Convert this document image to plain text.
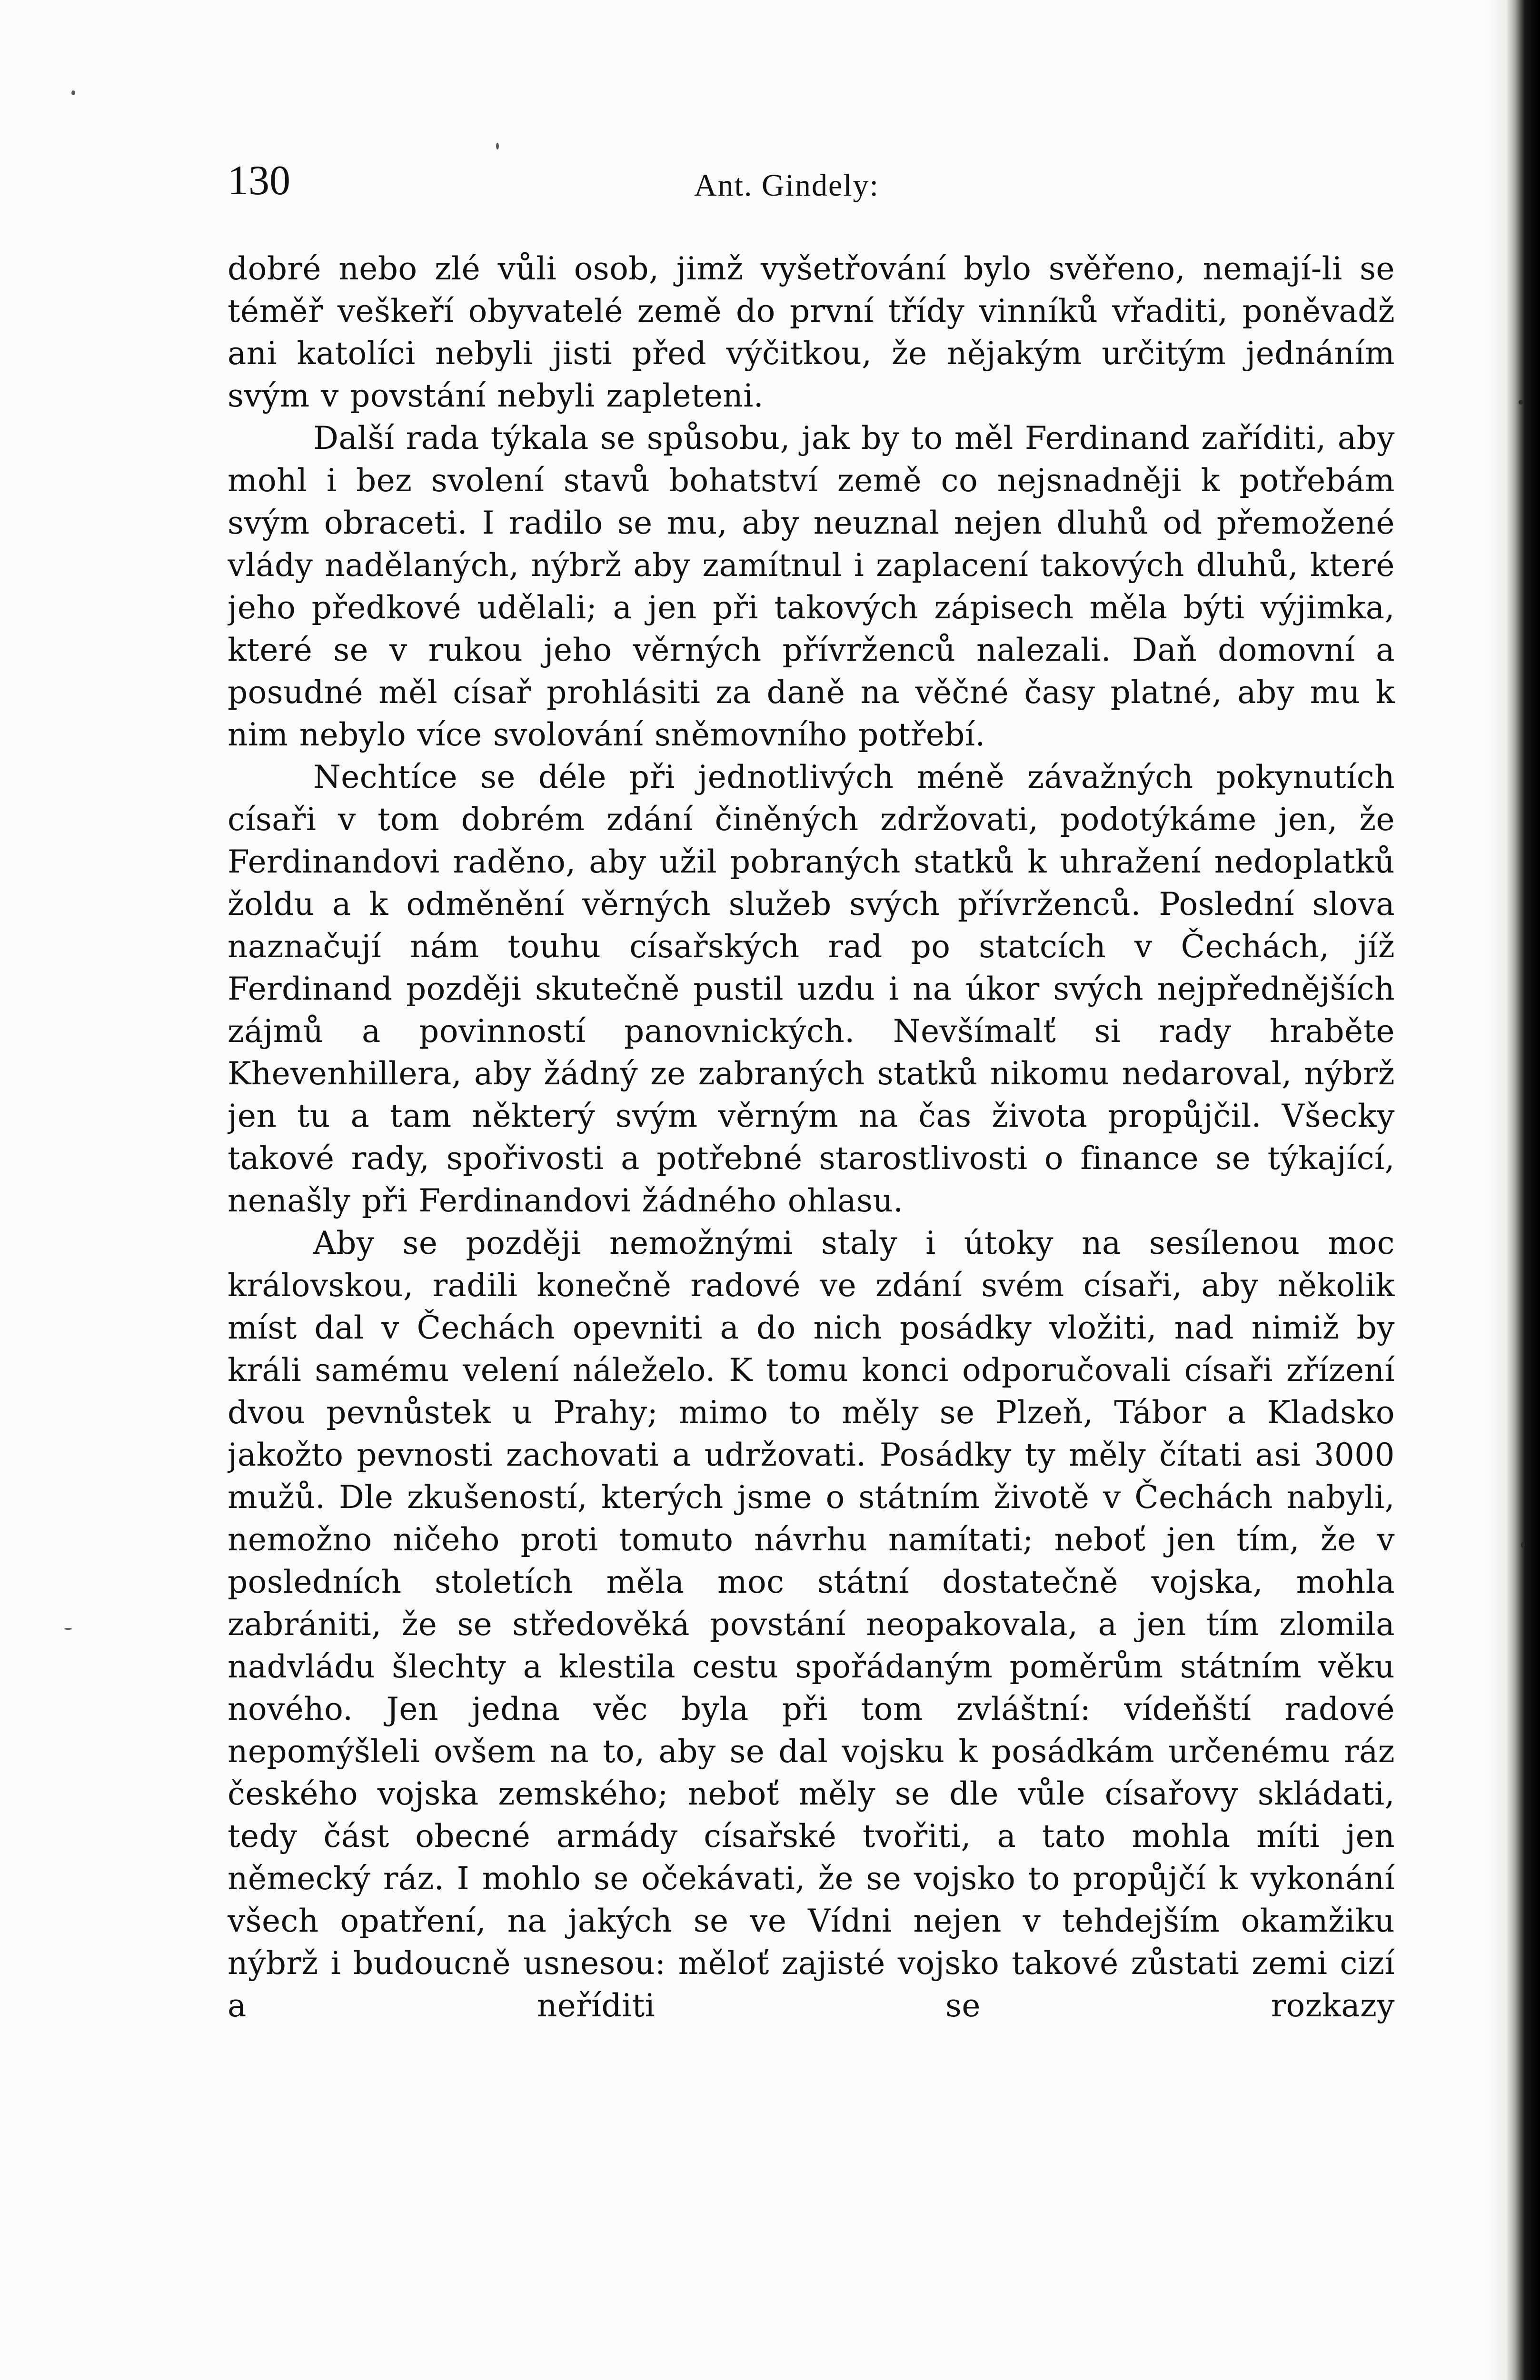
130	Ant. Gindely:

dobré nebo zlé vůli osob, jimž vyšetřování bylo svěřeno, nemají-li se téměř veškeří obyvatelé země do první třídy vinníků vřaditi, poněvadž ani katolíci nebyli jisti před výčitkou, že nějakým určitým jednáním svým v povstání nebyli zapleteni.

Další rada týkala se spůsobu, jak by to měl Ferdinand zaříditi, aby mohl i bez svolení stavů bohatství země co nejsnadněji k potřebám svým obraceti. I radilo se mu, aby neuznal nejen dluhů od přemožené vlády nadělaných, nýbrž aby zamítnul i zaplacení takových dluhů, které jeho předkové udělali; a jen při takových zápisech měla býti výjimka, které se v rukou jeho věrných přívrženců nalezali. Daň domovní a posudné měl císař prohlásiti za daně na věčné časy platné, aby mu k nim nebylo více svolování sněmovního potřebí.

Nechtíce se déle při jednotlivých méně závažných pokynutích císaři v tom dobrém zdání činěných zdržovati, podotýkáme jen, že Ferdinandovi raděno, aby užil pobraných statků k uhražení nedoplatků žoldu a k odměnění věrných služeb svých přívrženců. Poslední slova naznačují nám touhu císařských rad po statcích v Čechách, jíž Ferdinand později skutečně pustil uzdu i na úkor svých nejpřednějších zájmů a povinností panovnických. Nevšímalť si rady hraběte Khevenhillera, aby žádný ze zabraných statků nikomu nedaroval, nýbrž jen tu a tam některý svým věrným na čas života propůjčil. Všecky takové rady, spořivosti a potřebné starostlivosti o finance se týkající, nenašly při Ferdinandovi žádného ohlasu.

Aby se později nemožnými staly i útoky na sesílenou moc královskou, radili konečně radové ve zdání svém císaři, aby několik míst dal v Čechách opevniti a do nich posádky vložiti, nad nimiž by králi samému velení náleželo. K tomu konci odporučovali císaři zřízení dvou pevnůstek u Prahy; mimo to měly se Plzeň, Tábor a Kladsko jakožto pevnosti zachovati a udržovati. Posádky ty měly čítati asi 3000 mužů. Dle zkušeností, kterých jsme o státním životě v Čechách nabyli, nemožno ničeho proti tomuto návrhu namítati; neboť jen tím, že v posledních stoletích měla moc státní dostatečně vojska, mohla zabrániti, že se středověká povstání neopakovala, a jen tím zlomila nadvládu šlechty a klestila cestu spořádaným poměrům státním věku nového. Jen jedna věc byla při tom zvláštní: vídeňští radové nepomýšleli ovšem na to, aby se dal vojsku k posádkám určenému ráz českého vojska zemského; neboť měly se dle vůle císařovy skládati, tedy část obecné armády císařské tvořiti, a tato mohla míti jen německý ráz. I mohlo se očekávati, že se vojsko to propůjčí k vykonání všech opatření, na jakých se ve Vídni nejen v tehdejším okamžiku nýbrž i budoucně usnesou: měloť zajisté vojsko takové zůstati zemi cizí a neříditi se rozkazy
